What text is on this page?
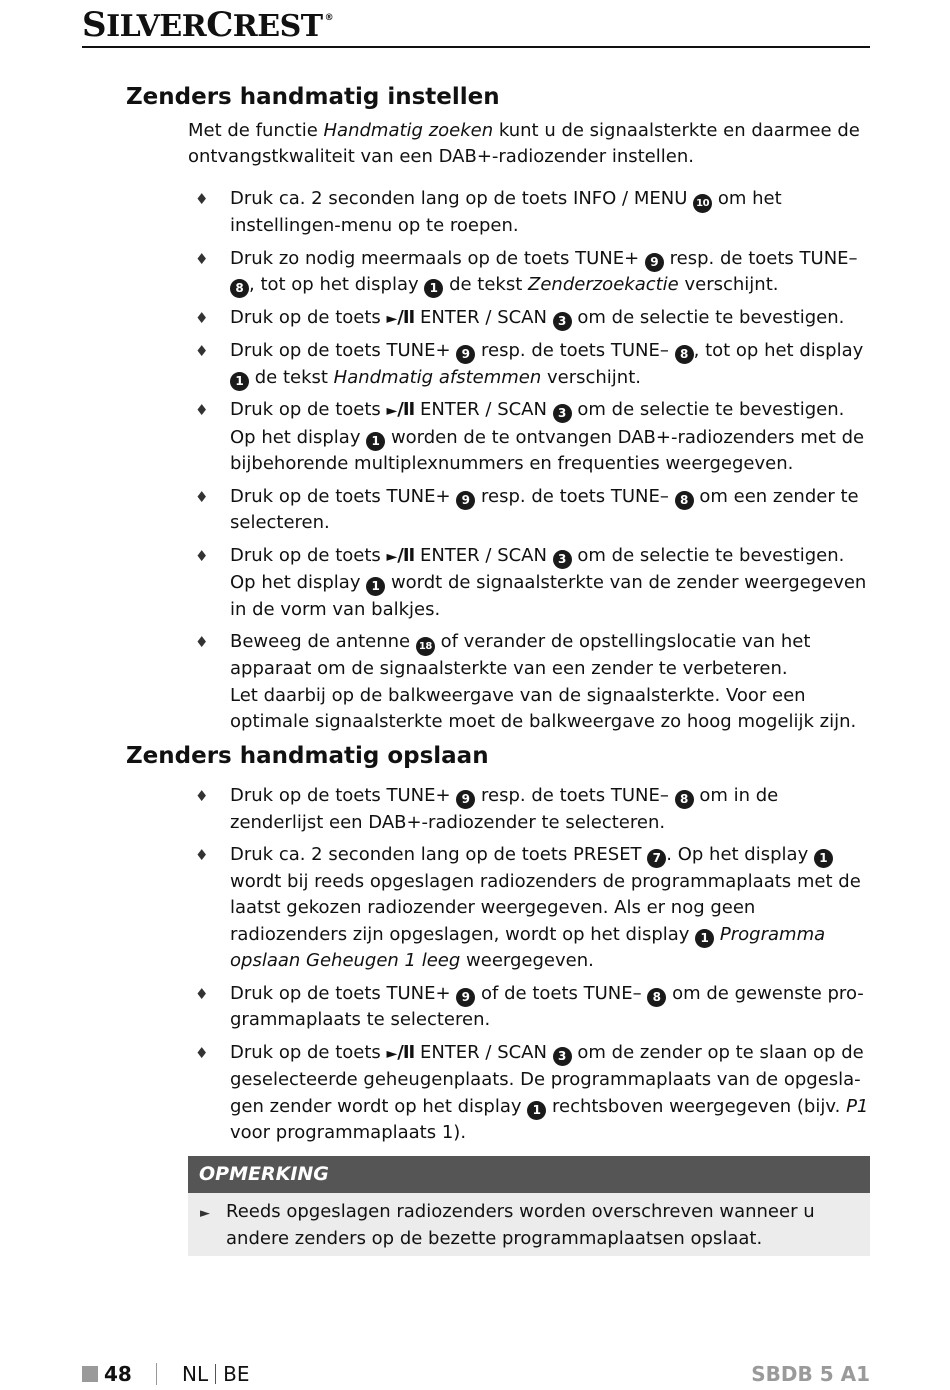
SILVERCREST ®
Zenders handmatig instellen

Met de functie Handmatig zoeken kunt u de signaalsterkte en daarmee de ontvangstkwaliteit van een DAB+-radiozender instellen.

♦ Druk ca. 2 seconden lang op de toets INFO / MENU 10 om het instellingen-menu op te roepen.

♦ Druk zo nodig meermaals op de toets TUNE+ 9 resp. de toets TUNE– 8 , tot op het display 1 de tekst Zenderzoekactie verschijnt.

♦ Druk op de toets ►/II ENTER / SCAN 3 om de selectie te bevestigen.

♦ Druk op de toets TUNE+ 9 resp. de toets TUNE– 8 , tot op het display 1 de tekst Handmatig afstemmen verschijnt.

♦ Druk op de toets ►/II ENTER / SCAN 3 om de selectie te bevestigen.

Op het display 1 worden de te ontvangen DAB+-radiozenders met de bijbehorende multiplexnummers en frequenties weergegeven.

♦ Druk op de toets TUNE+ 9 resp. de toets TUNE– 8 om een zender te selecteren.

♦ Druk op de toets ►/II ENTER / SCAN 3 om de selectie te bevestigen.

Op het display 1 wordt de signaalsterkte van de zender weergegeven in de vorm van balkjes.

♦ Beweeg de antenne 18 of verander de opstellingslocatie van het apparaat om de signaalsterkte van een zender te verbeteren.

Let daarbij op de balkweergave van de signaalsterkte. Voor een optimale signaalsterkte moet de balkweergave zo hoog mogelijk zijn.

Zenders handmatig opslaan
♦ Druk op de toets TUNE+ 9 resp. de toets TUNE– 8 om in de zenderlijst een DAB+-radiozender te selecteren.

♦ Druk ca. 2 seconden lang op de toets PRESET 7 . Op het display 1 wordt bij reeds opgeslagen radiozenders de programmaplaats met de laatst gekozen radiozender weergegeven. Als er nog geen radiozenders zijn opgeslagen, wordt op het display 1 Programma opslaan Geheugen 1 leeg weergegeven.

♦ Druk op de toets TUNE+ 9 of de toets TUNE– 8 om de gewenste pro-grammaplaats te selecteren.

♦ Druk op de toets ►/II ENTER / SCAN 3 om de zender op te slaan op de geselecteerde geheugenplaats. De programmaplaats van de opgesla-gen zender wordt op het display 1 rechtsboven weergegeven (bijv. P1 voor programmaplaats 1).

OPMERKING
► Reeds opgeslagen radiozenders worden overschreven wanneer u andere zenders op de bezette programmaplaatsen opslaat.
48	NL BE	SBDB 5 A1
